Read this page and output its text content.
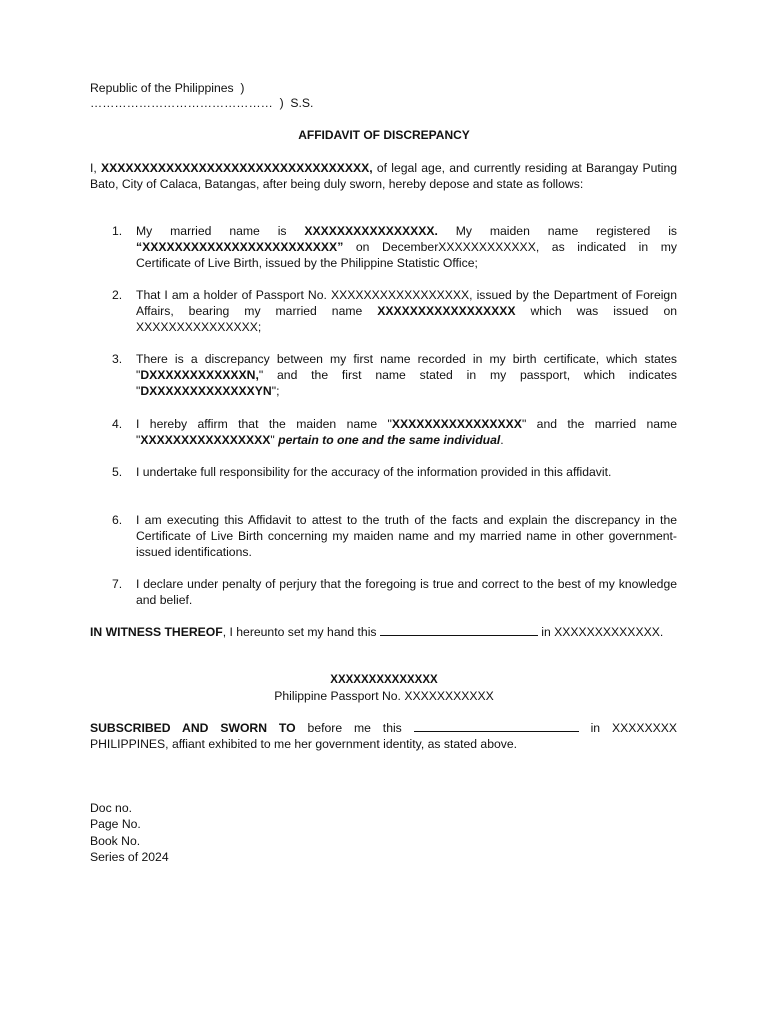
Republic of the Philippines  )
………………………………………  )  S.S.
AFFIDAVIT OF DISCREPANCY
I, XXXXXXXXXXXXXXXXXXXXXXXXXXXXXXXXX, of legal age, and currently residing at Barangay Puting Bato, City of Calaca, Batangas, after being duly sworn, hereby depose and state as follows:
1. My married name is XXXXXXXXXXXXXXXX. My maiden name registered is “XXXXXXXXXXXXXXXXXXXXXXXX” on DecemberXXXXXXXXXXXX, as indicated in my Certificate of Live Birth, issued by the Philippine Statistic Office;
2. That I am a holder of Passport No. XXXXXXXXXXXXXXXXX, issued by the Department of Foreign Affairs, bearing my married name XXXXXXXXXXXXXXXXX which was issued on XXXXXXXXXXXXXXX;
3. There is a discrepancy between my first name recorded in my birth certificate, which states "DXXXXXXXXXXXXN," and the first name stated in my passport, which indicates "DXXXXXXXXXXXXXYN";
4. I hereby affirm that the maiden name "XXXXXXXXXXXXXXXX" and the married name "XXXXXXXXXXXXXXXX" pertain to one and the same individual.
5. I undertake full responsibility for the accuracy of the information provided in this affidavit.
6. I am executing this Affidavit to attest to the truth of the facts and explain the discrepancy in the Certificate of Live Birth concerning my maiden name and my married name in other government-issued identifications.
7. I declare under penalty of perjury that the foregoing is true and correct to the best of my knowledge and belief.
IN WITNESS THEREOF, I hereunto set my hand this	in XXXXXXXXXXXXX.
XXXXXXXXXXXXXX
Philippine Passport No. XXXXXXXXXXX
SUBSCRIBED AND SWORN TO before me this	in XXXXXXXX PHILIPPINES, affiant exhibited to me her government identity, as stated above.
Doc no.
Page No.
Book No.
Series of 2024
